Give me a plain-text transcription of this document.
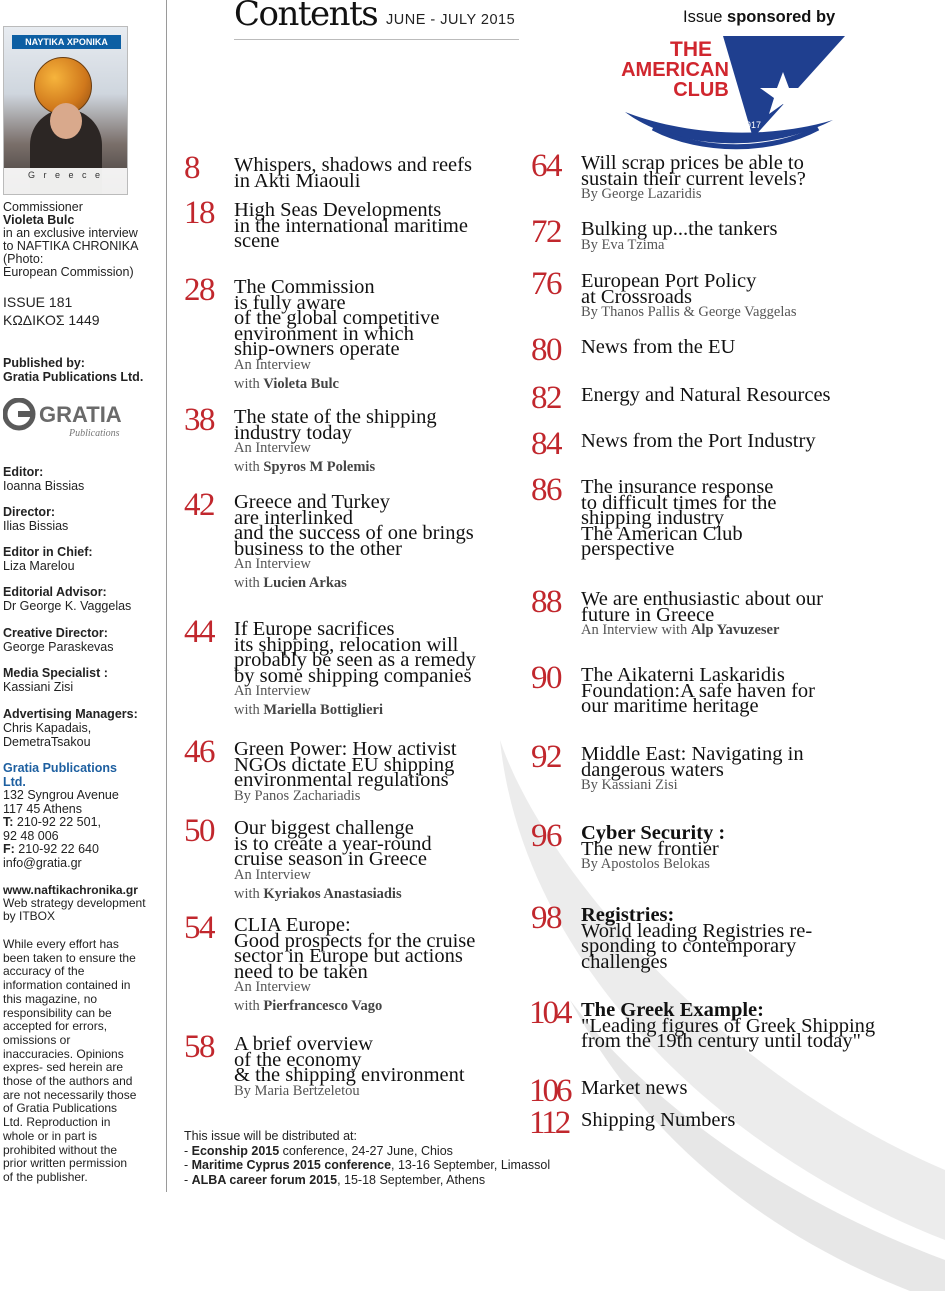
ΝΑΥΤΙΚΑ ΧΡΟΝΙΚΑ
G r e e c e
Commissioner
Violeta Bulc
in an exclusive interview
to NAFTIKA CHRONIKA
(Photo:
European Commission)
ISSUE 181
ΚΩΔΙΚΟΣ 1449
Published by:
Gratia Publications Ltd.
GRATIA
Publications
Editor:
Ioanna Bissias
Director:
Ilias Bissias
Editor in Chief:
Liza Marelou
Editorial Advisor:
Dr George K. Vaggelas
Creative Director:
George Paraskevas
Media Specialist :
Kassiani Zisi
Advertising Managers:
Chris Kapadais,
DemetraTsakou
Gratia Publications
Ltd.
132 Syngrou Avenue
117 45 Athens
T: 210-92 22 501,
92 48 006
F: 210-92 22 640
info@gratia.gr
www.naftikachronika.gr
Web strategy development
by ITBOX
While every effort has
been taken to ensure the
accuracy of the
information contained in
this magazine, no
responsibility can be
accepted for errors,
omissions or
inaccuracies. Opinions
expres- sed herein are
those of the authors and
are not necessarily those
of Gratia Publications
Ltd. Reproduction in
whole or in part is
prohibited without the
prior written permission
of the publisher.
Contents JUNE - JULY 2015	Issue sponsored by
THE
AMERICAN
CLUB
1917
8 Whispers, shadows and reefs
in Akti Miaouli
18 High Seas Developments
in the international maritime
scene
28 The Commission
is fully aware
of the global competitive
environment in which
ship-owners operate
An Interview
with Violeta Bulc
38 The state of the shipping
industry today
An Interview
with Spyros M Polemis
42 Greece and Turkey
are interlinked
and the success of one brings
business to the other
An Interview
with Lucien Arkas
44 If Europe sacrifices
its shipping, relocation will
probably be seen as a remedy
by some shipping companies
An Interview
with Mariella Bottiglieri
46 Green Power: How activist
NGOs dictate EU shipping
environmental regulations
By Panos Zachariadis
50 Our biggest challenge
is to create a year-round
cruise season in Greece
An Interview
with Kyriakos Anastasiadis
54 CLIA Europe:
Good prospects for the cruise
sector in Europe but actions
need to be taken
An Interview
with Pierfrancesco Vago
58 A brief overview
of the economy
& the shipping environment
By Maria Bertzeletou
64 Will scrap prices be able to
sustain their current levels?
By George Lazaridis
72 Bulking up...the tankers
By Eva Tzima
76 European Port Policy
at Crossroads
By Thanos Pallis & George Vaggelas
80 News from the EU
82 Energy and Natural Resources
84 News from the Port Industry
86 The insurance response
to difficult times for the
shipping industry
The American Club
perspective
88 We are enthusiastic about our
future in Greece
An Interview with Alp Yavuzeser
90 The Aikaterni Laskaridis
Foundation:A safe haven for
our maritime heritage
92 Middle East: Navigating in
dangerous waters
By Kassiani Zisi
96 Cyber Security :
The new frontier
By Apostolos Belokas
98 Registries:
World leading Registries re-
sponding to contemporary
challenges
104 The Greek Example:
"Leading figures of Greek Shipping
from the 19th century until today"
106 Market news
112 Shipping Numbers
This issue will be distributed at:
- Econship 2015 conference, 24-27 June, Chios
- Maritime Cyprus 2015 conference, 13-16 September, Limassol
- ALBA career forum 2015, 15-18 September, Athens
